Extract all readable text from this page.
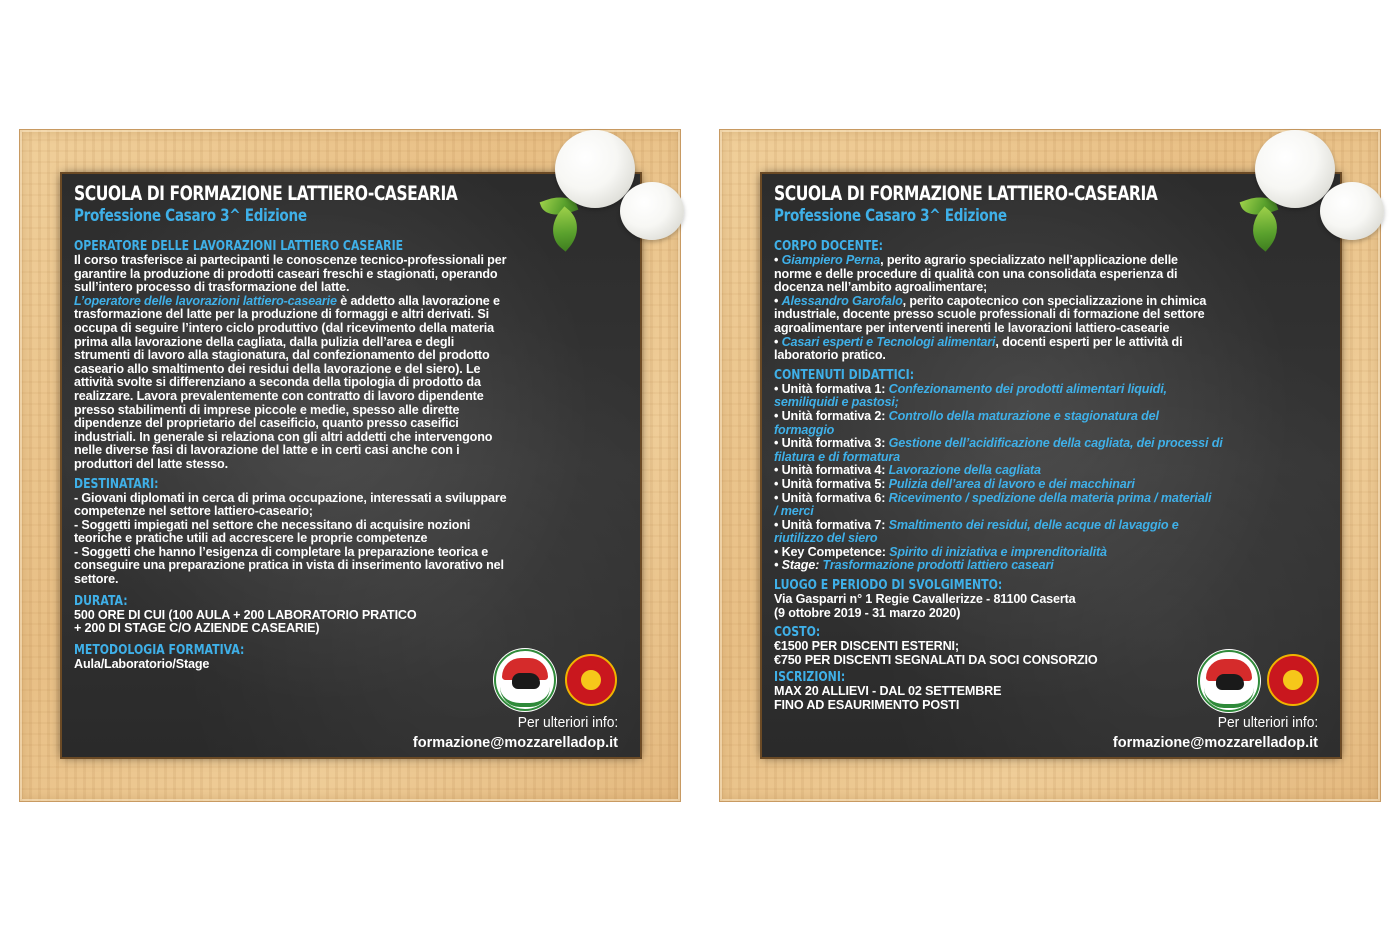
SCUOLA DI FORMAZIONE LATTIERO-CASEARIA
Professione Casaro 3^ Edizione
OPERATORE DELLE LAVORAZIONI LATTIERO CASEARIE
Il corso trasferisce ai partecipanti le conoscenze tecnico-professionali per
garantire la produzione di prodotti caseari freschi e stagionati, operando
sull’intero processo di trasformazione del latte.
L’operatore delle lavorazioni lattiero-casearie è addetto alla lavorazione e
trasformazione del latte per la produzione di formaggi e altri derivati. Si
occupa di seguire l’intero ciclo produttivo (dal ricevimento della materia
prima alla lavorazione della cagliata, dalla pulizia dell’area e degli
strumenti di lavoro alla stagionatura, dal confezionamento del prodotto
caseario allo smaltimento dei residui della lavorazione e del siero). Le
attività svolte si differenziano a seconda della tipologia di prodotto da
realizzare. Lavora prevalentemente con contratto di lavoro dipendente
presso stabilimenti di imprese piccole e medie, spesso alle dirette
dipendenze del proprietario del caseificio, quanto presso caseifici
industriali. In generale si relaziona con gli altri addetti che intervengono
nelle diverse fasi di lavorazione del latte e in certi casi anche con i
produttori del latte stesso.
DESTINATARI:
- Giovani diplomati in cerca di prima occupazione, interessati a sviluppare
competenze nel settore lattiero-caseario;
- Soggetti impiegati nel settore che necessitano di acquisire nozioni
teoriche e pratiche utili ad accrescere le proprie competenze
- Soggetti che hanno l’esigenza di completare la preparazione teorica e
conseguire una preparazione pratica in vista di inserimento lavorativo nel
settore.
DURATA:
500 ORE DI CUI (100 AULA + 200 LABORATORIO PRATICO
+ 200 DI STAGE C/O AZIENDE CASEARIE)
METODOLOGIA FORMATIVA:
Aula/Laboratorio/Stage
Per ulteriori info:
formazione@mozzarelladop.it
SCUOLA DI FORMAZIONE LATTIERO-CASEARIA
Professione Casaro 3^ Edizione
CORPO DOCENTE:
• Giampiero Perna, perito agrario specializzato nell’applicazione delle
norme e delle procedure di qualità con una consolidata esperienza di
docenza nell’ambito agroalimentare;
• Alessandro Garofalo, perito capotecnico con specializzazione in chimica
industriale, docente presso scuole professionali di formazione del settore
agroalimentare per interventi inerenti le lavorazioni lattiero-casearie
• Casari esperti e Tecnologi alimentari, docenti esperti per le attività di
laboratorio pratico.
CONTENUTI DIDATTICI:
• Unità formativa 1: Confezionamento dei prodotti alimentari liquidi,
semiliquidi e pastosi;
• Unità formativa 2: Controllo della maturazione e stagionatura del
formaggio
• Unità formativa 3: Gestione dell’acidificazione della cagliata, dei processi di
filatura e di formatura
• Unità formativa 4: Lavorazione della cagliata
• Unità formativa 5: Pulizia dell’area di lavoro e dei macchinari
• Unità formativa 6: Ricevimento / spedizione della materia prima / materiali
/ merci
• Unità formativa 7: Smaltimento dei residui, delle acque di lavaggio e
riutilizzo del siero
• Key Competence: Spirito di iniziativa e imprenditorialità
• Stage: Trasformazione prodotti lattiero caseari
LUOGO E PERIODO DI SVOLGIMENTO:
Via Gasparri n° 1 Regie Cavallerizze - 81100 Caserta
(9 ottobre 2019 - 31 marzo 2020)
COSTO:
€1500 PER DISCENTI ESTERNI;
€750 PER DISCENTI SEGNALATI DA SOCI CONSORZIO
ISCRIZIONI:
MAX 20 ALLIEVI - DAL 02 SETTEMBRE
FINO AD ESAURIMENTO POSTI
Per ulteriori info:
formazione@mozzarelladop.it
